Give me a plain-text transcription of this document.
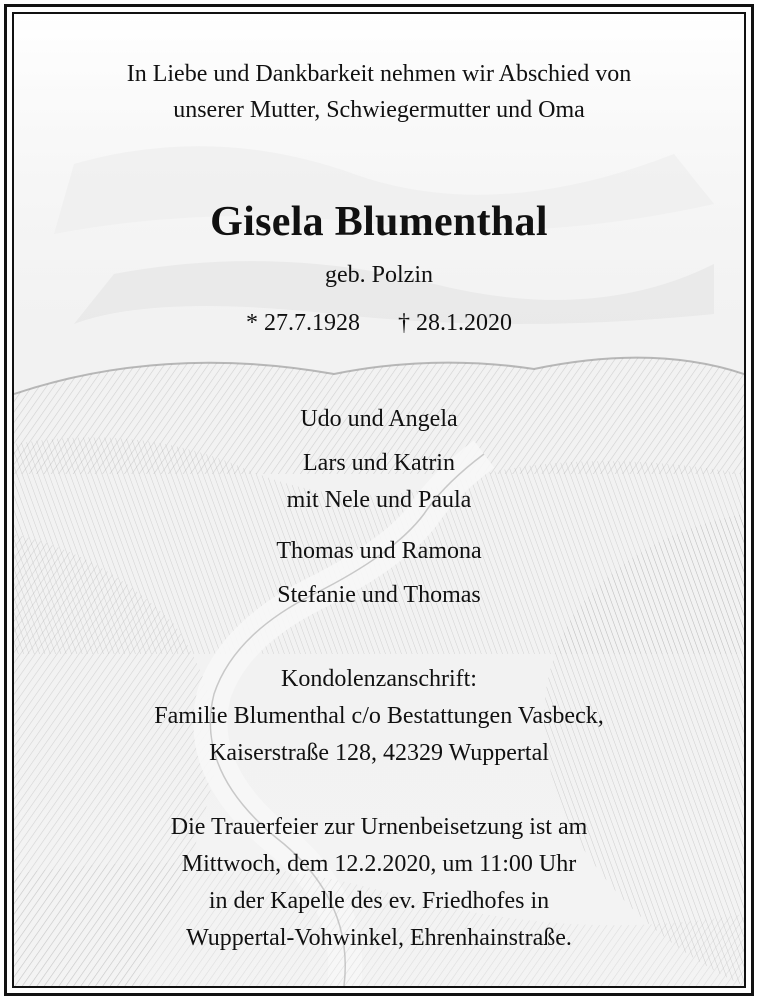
In Liebe und Dankbarkeit nehmen wir Abschied von
unserer Mutter, Schwiegermutter und Oma
Gisela Blumenthal
geb. Polzin
* 27.7.1928 † 28.1.2020
Udo und Angela
Lars und Katrin
mit Nele und Paula
Thomas und Ramona
Stefanie und Thomas
Kondolenzanschrift:
Familie Blumenthal c/o Bestattungen Vasbeck,
Kaiserstraße 128, 42329 Wuppertal
Die Trauerfeier zur Urnenbeisetzung ist am
Mittwoch, dem 12.2.2020, um 11:00 Uhr
in der Kapelle des ev. Friedhofes in
Wuppertal-Vohwinkel, Ehrenhainstraße.
